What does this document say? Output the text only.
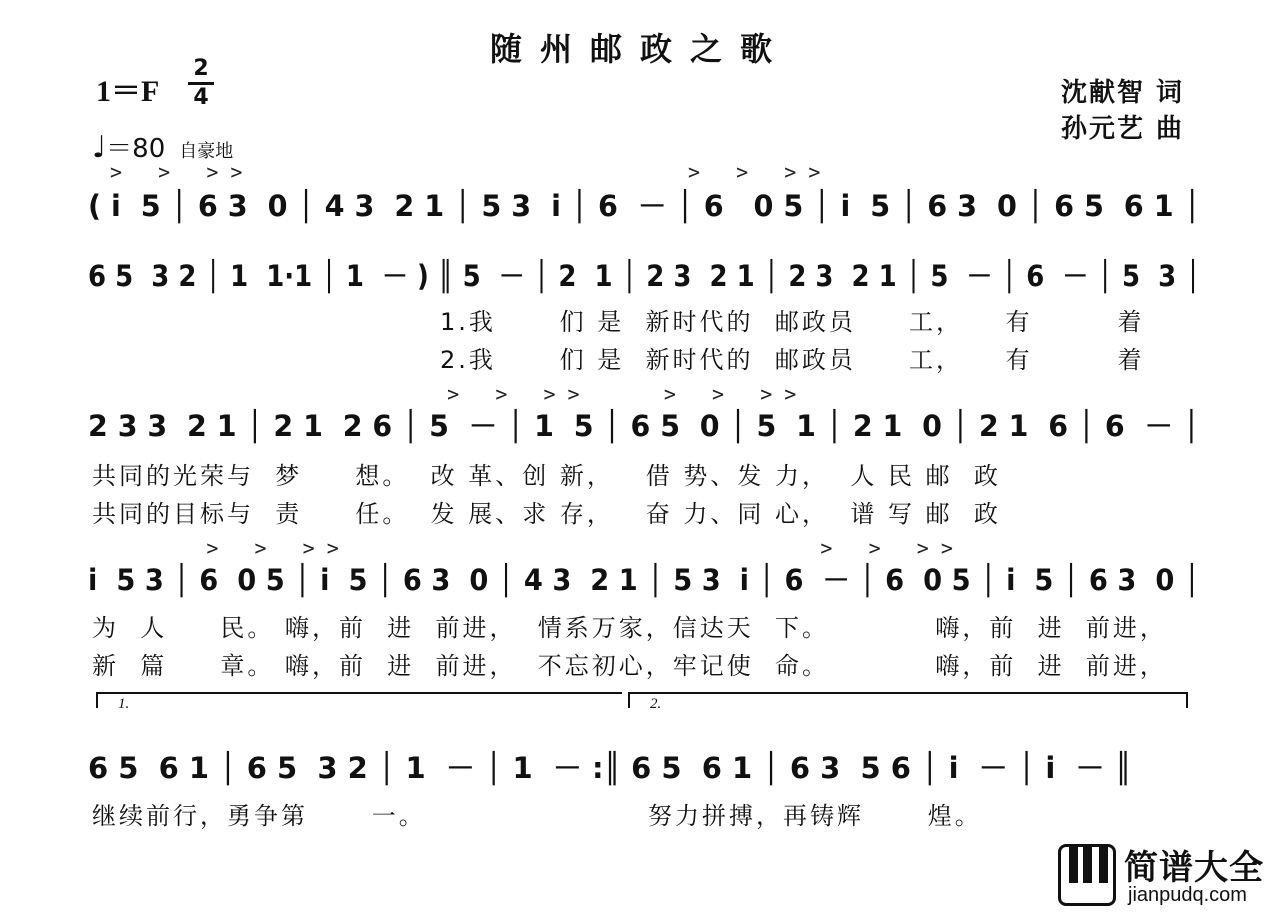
随州邮政之歌
1＝F
2
4
♩＝80 自豪地
沈献智 词
孙元艺 曲
>   >   > >                                     >   >   > >
( i  5 │ 6 3  0 │ 4 3  2 1 │ 5 3  i │ 6  － │ 6   0 5 │ i  5 │ 6 3  0 │ 6 5  6 1 │
6 5  3 2 │ 1  1·1 │ 1  － ) ║ 5  － │ 2  1 │ 2 3  2 1 │ 2 3  2 1 │ 5  － │ 6  － │ 5  3 │
1.我      们 是  新时代的  邮政员     工，    有        着
2.我      们 是  新时代的  邮政员     工，    有        着
>   >   > >       >   >   > >
2 3 3  2 1 │ 2 1  2 6 │ 5  － │ 1  5 │ 6 5  0 │ 5  1 │ 2 1  0 │ 2 1  6 │ 6  － │
共同的光荣与  梦     想。  改 革、创 新，   借 势、发 力，  人 民 邮  政
共同的目标与  责     任。  发 展、求 存，   奋 力、同 心，  谱 写 邮  政
>   >   > >                                        >   >   > >
i  5 3 │ 6  0 5 │ i  5 │ 6 3  0 │ 4 3  2 1 │ 5 3  i │ 6  － │ 6  0 5 │ i  5 │ 6 3  0 │
为  人     民。 嗨，前  进  前进，  情系万家，信达天  下。          嗨，前  进  前进，
新  篇     章。 嗨，前  进  前进，  不忘初心，牢记使  命。          嗨，前  进  前进，
1.	2.
6 5  6 1 │ 6 5  3 2 │ 1  － │ 1  － :║ 6 5  6 1 │ 6 3  5 6 │ i  － │ i  － ║
继续前行，勇争第      一。	努力拼搏，再铸辉      煌。
简谱大全
jianpudq.com
